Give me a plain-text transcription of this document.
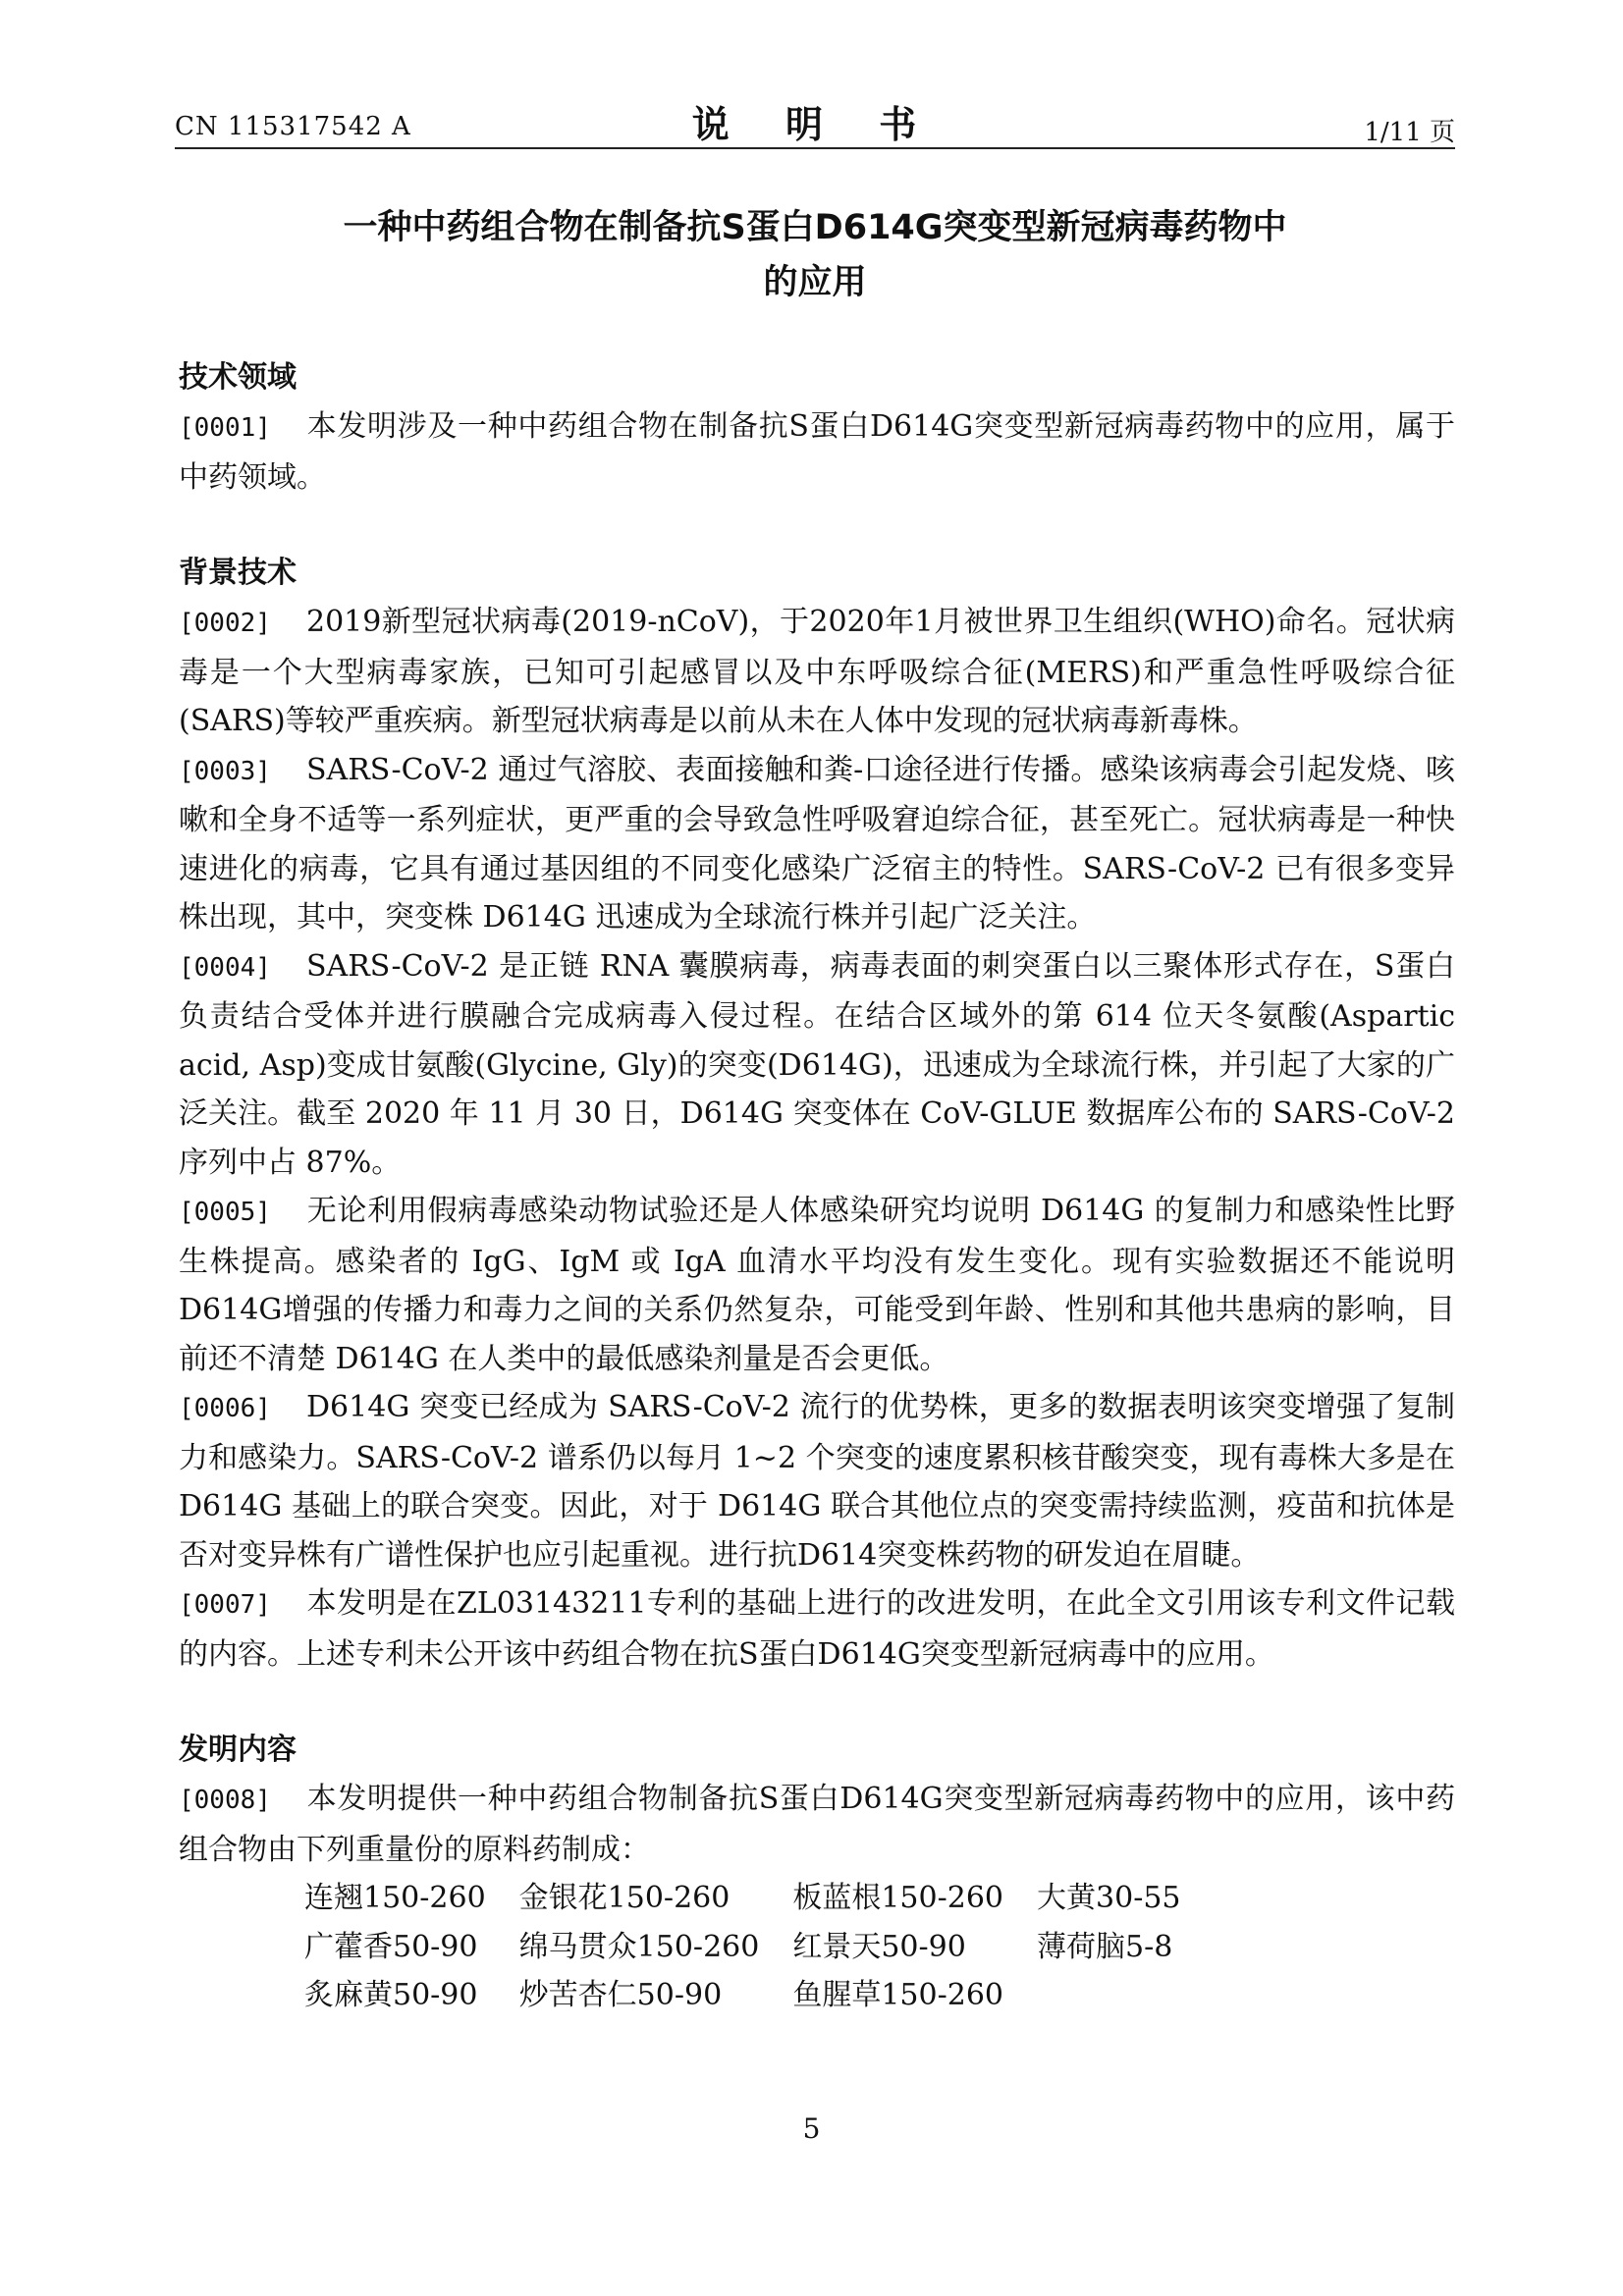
CN 115317542 A	说 明 书	1/11 页
一种中药组合物在制备抗S蛋白D614G突变型新冠病毒药物中
的应用
技术领域

[0001] 本发明涉及一种中药组合物在制备抗S蛋白D614G突变型新冠病毒药物中的应用，属于中药领域。

背景技术

[0002] 2019新型冠状病毒(2019-nCoV)，于2020年1月被世界卫生组织(WHO)命名。冠状病毒是一个大型病毒家族，已知可引起感冒以及中东呼吸综合征(MERS)和严重急性呼吸综合征(SARS)等较严重疾病。新型冠状病毒是以前从未在人体中发现的冠状病毒新毒株。

[0003] SARS-CoV-2 通过气溶胶、表面接触和粪-口途径进行传播。感染该病毒会引起发烧、咳嗽和全身不适等一系列症状，更严重的会导致急性呼吸窘迫综合征，甚至死亡。冠状病毒是一种快速进化的病毒，它具有通过基因组的不同变化感染广泛宿主的特性。SARS-CoV-2 已有很多变异株出现，其中，突变株 D614G 迅速成为全球流行株并引起广泛关注。

[0004] SARS-CoV-2 是正链 RNA 囊膜病毒，病毒表面的刺突蛋白以三聚体形式存在，S蛋白负责结合受体并进行膜融合完成病毒入侵过程。在结合区域外的第 614 位天冬氨酸(Aspartic acid, Asp)变成甘氨酸(Glycine, Gly)的突变(D614G)，迅速成为全球流行株，并引起了大家的广泛关注。截至 2020 年 11 月 30 日，D614G 突变体在 CoV-GLUE 数据库公布的 SARS-CoV-2 序列中占 87%。

[0005] 无论利用假病毒感染动物试验还是人体感染研究均说明 D614G 的复制力和感染性比野生株提高。感染者的 IgG、IgM 或 IgA 血清水平均没有发生变化。现有实验数据还不能说明 D614G增强的传播力和毒力之间的关系仍然复杂，可能受到年龄、性别和其他共患病的影响，目前还不清楚 D614G 在人类中的最低感染剂量是否会更低。

[0006] D614G 突变已经成为 SARS-CoV-2 流行的优势株，更多的数据表明该突变增强了复制力和感染力。SARS-CoV-2 谱系仍以每月 1~2 个突变的速度累积核苷酸突变，现有毒株大多是在D614G 基础上的联合突变。因此，对于 D614G 联合其他位点的突变需持续监测，疫苗和抗体是否对变异株有广谱性保护也应引起重视。进行抗D614突变株药物的研发迫在眉睫。

[0007] 本发明是在ZL03143211专利的基础上进行的改进发明，在此全文引用该专利文件记载的内容。上述专利未公开该中药组合物在抗S蛋白D614G突变型新冠病毒中的应用。

发明内容

[0008] 本发明提供一种中药组合物制备抗S蛋白D614G突变型新冠病毒药物中的应用，该中药组合物由下列重量份的原料药制成：

连翘150-260	金银花150-260	板蓝根150-260	大黄30-55
广藿香50-90	绵马贯众150-260	红景天50-90	薄荷脑5-8
炙麻黄50-90	炒苦杏仁50-90	鱼腥草150-260	
5
